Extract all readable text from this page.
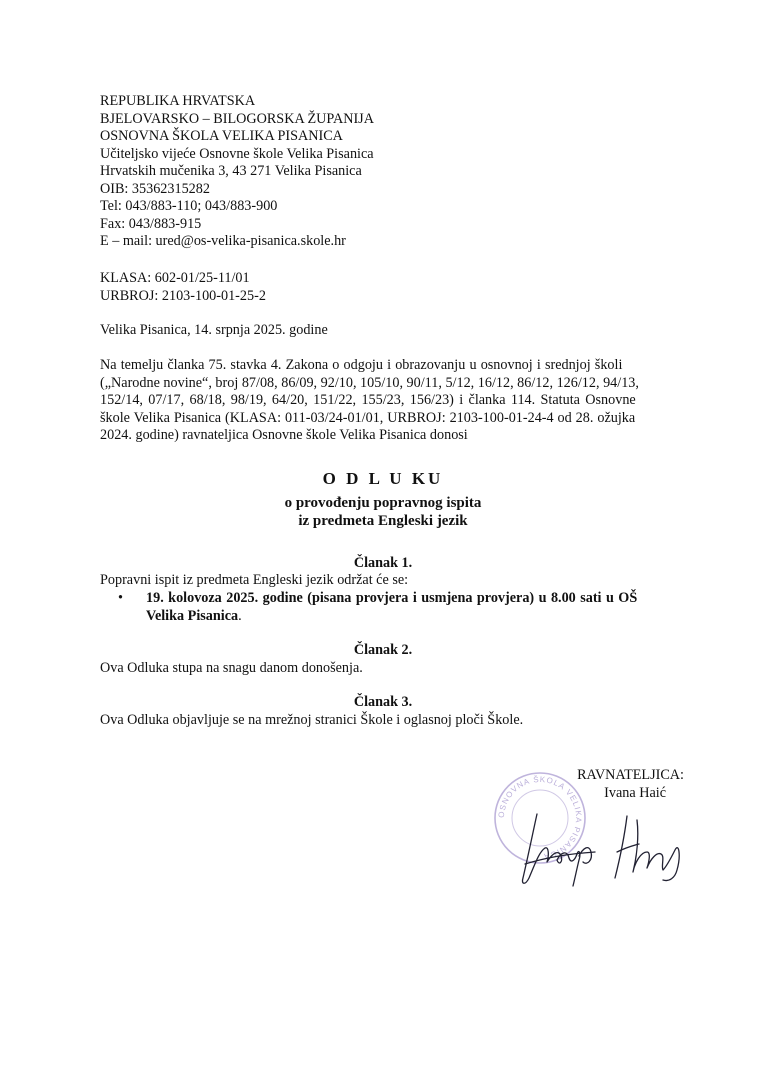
REPUBLIKA HRVATSKA
BJELOVARSKO – BILOGORSKA ŽUPANIJA
OSNOVNA ŠKOLA VELIKA PISANICA
Učiteljsko vijeće Osnovne škole Velika Pisanica
Hrvatskih mučenika 3, 43 271 Velika Pisanica
OIB: 35362315282
Tel: 043/883-110; 043/883-900
Fax: 043/883-915
E – mail: ured@os-velika-pisanica.skole.hr
KLASA: 602-01/25-11/01
URBROJ: 2103-100-01-25-2
Velika Pisanica, 14. srpnja 2025. godine
Na temelju članka 75. stavka 4. Zakona o odgoju i obrazovanju u osnovnoj i srednjoj školi
(„Narodne novine“, broj 87/08, 86/09, 92/10, 105/10, 90/11, 5/12, 16/12, 86/12, 126/12, 94/13,
152/14, 07/17, 68/18, 98/19, 64/20, 151/22, 155/23, 156/23) i članka 114. Statuta Osnovne
škole Velika Pisanica (KLASA: 011-03/24-01/01, URBROJ: 2103-100-01-24-4 od 28. ožujka
2024. godine) ravnateljica Osnovne škole Velika Pisanica donosi
O D L U KU
o provođenju popravnog ispita
iz predmeta Engleski jezik
Članak 1.
Popravni ispit iz predmeta Engleski jezik održat će se:
• 19. kolovoza 2025. godine (pisana provjera i usmjena provjera) u 8.00 sati u OŠ
Velika Pisanica.
Članak 2.
Ova Odluka stupa na snagu danom donošenja.
Članak 3.
Ova Odluka objavljuje se na mrežnoj stranici Škole i oglasnoj ploči Škole.
OSNOVNA ŠKOLA VELIKA PISANICA
RAVNATELJICA:
Ivana Haić
